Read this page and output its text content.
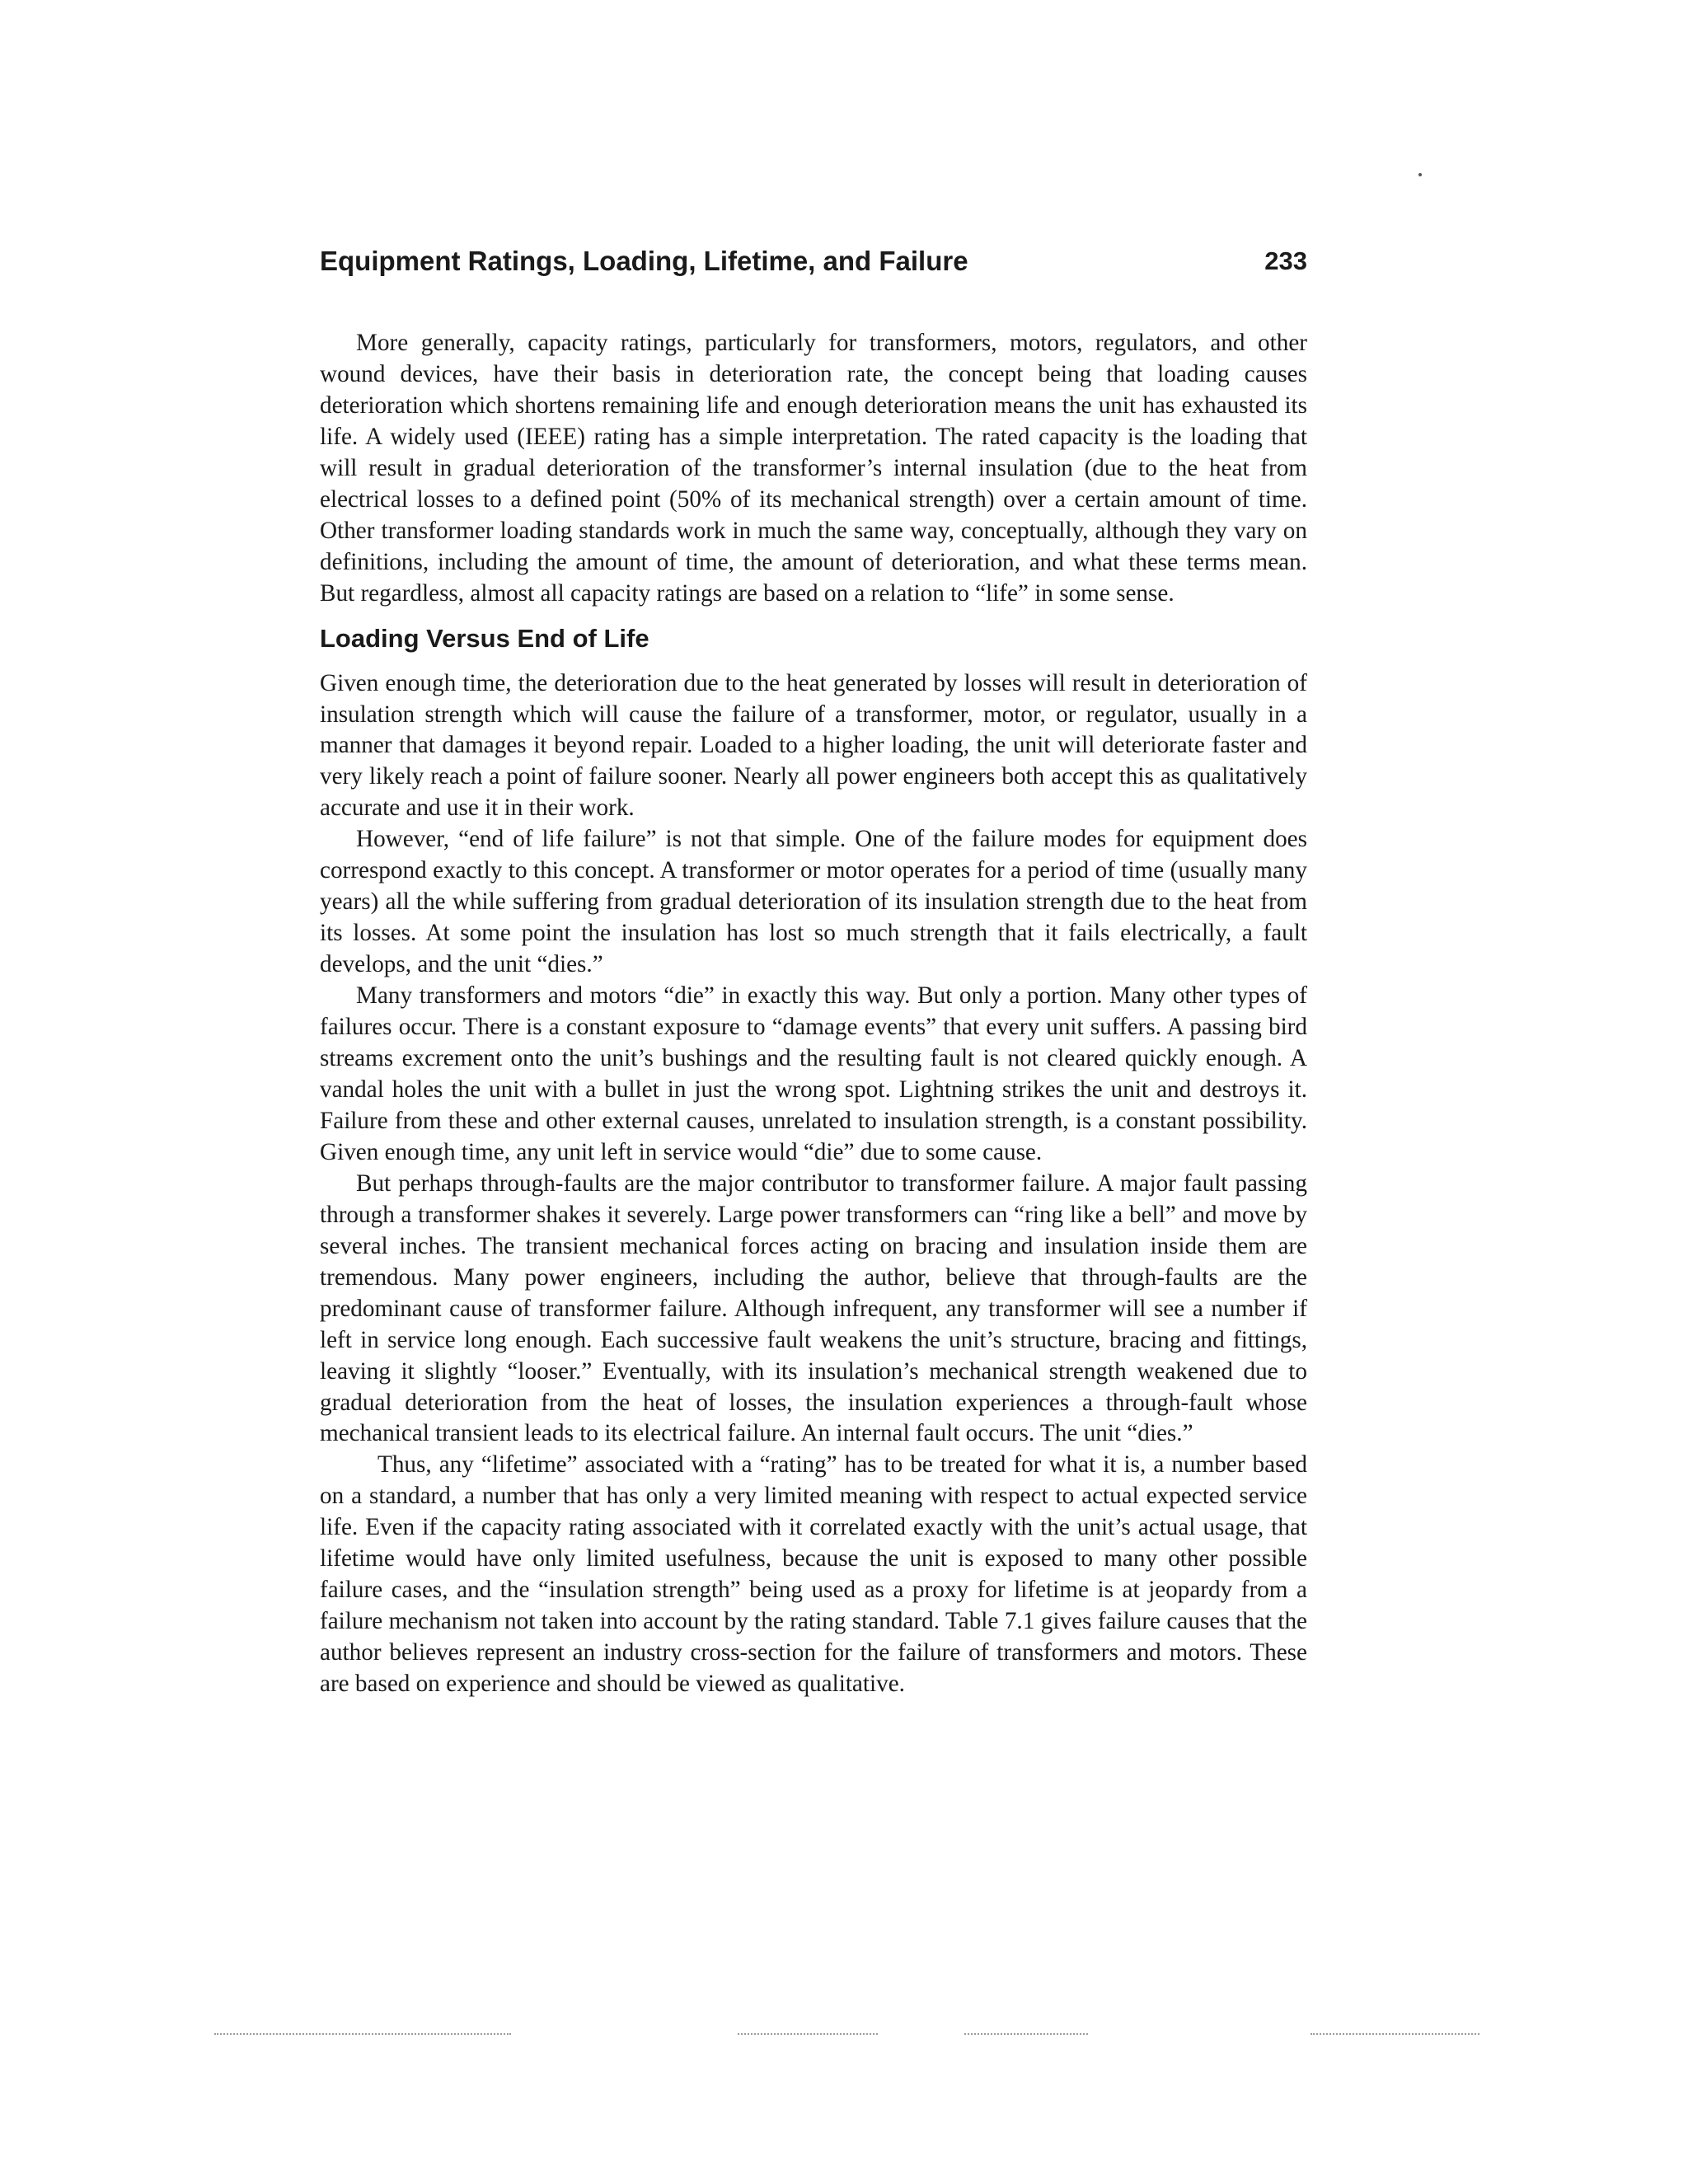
Equipment Ratings, Loading, Lifetime, and Failure	233

More generally, capacity ratings, particularly for transformers, motors, regulators, and other wound devices, have their basis in deterioration rate, the concept being that loading causes deterioration which shortens remaining life and enough deterioration means the unit has exhausted its life. A widely used (IEEE) rating has a simple interpretation. The rated capacity is the loading that will result in gradual deterioration of the transformer’s internal insulation (due to the heat from electrical losses to a defined point (50% of its mechanical strength) over a certain amount of time. Other transformer loading standards work in much the same way, conceptually, although they vary on definitions, including the amount of time, the amount of deterioration, and what these terms mean. But regardless, almost all capacity ratings are based on a relation to “life” in some sense.

Loading Versus End of Life

Given enough time, the deterioration due to the heat generated by losses will result in deterioration of insulation strength which will cause the failure of a transformer, motor, or regulator, usually in a manner that damages it beyond repair. Loaded to a higher loading, the unit will deteriorate faster and very likely reach a point of failure sooner. Nearly all power engineers both accept this as qualitatively accurate and use it in their work.

However, “end of life failure” is not that simple. One of the failure modes for equipment does correspond exactly to this concept. A transformer or motor operates for a period of time (usually many years) all the while suffering from gradual deterioration of its insulation strength due to the heat from its losses. At some point the insulation has lost so much strength that it fails electrically, a fault develops, and the unit “dies.”

Many transformers and motors “die” in exactly this way. But only a portion. Many other types of failures occur. There is a constant exposure to “damage events” that every unit suffers. A passing bird streams excrement onto the unit’s bushings and the resulting fault is not cleared quickly enough. A vandal holes the unit with a bullet in just the wrong spot. Lightning strikes the unit and destroys it. Failure from these and other external causes, unrelated to insulation strength, is a constant possibility. Given enough time, any unit left in service would “die” due to some cause.

But perhaps through-faults are the major contributor to transformer failure. A major fault passing through a transformer shakes it severely. Large power transformers can “ring like a bell” and move by several inches. The transient mechanical forces acting on bracing and insulation inside them are tremendous. Many power engineers, including the author, believe that through-faults are the predominant cause of transformer failure. Although infrequent, any transformer will see a number if left in service long enough. Each successive fault weakens the unit’s structure, bracing and fittings, leaving it slightly “looser.” Eventually, with its insulation’s mechanical strength weakened due to gradual deterioration from the heat of losses, the insulation experiences a through-fault whose mechanical transient leads to its electrical failure. An internal fault occurs. The unit “dies.”

Thus, any “lifetime” associated with a “rating” has to be treated for what it is, a number based on a standard, a number that has only a very limited meaning with respect to actual expected service life. Even if the capacity rating associated with it correlated exactly with the unit’s actual usage, that lifetime would have only limited usefulness, because the unit is exposed to many other possible failure cases, and the “insulation strength” being used as a proxy for lifetime is at jeopardy from a failure mechanism not taken into account by the rating standard. Table 7.1 gives failure causes that the author believes represent an industry cross-section for the failure of transformers and motors. These are based on experience and should be viewed as qualitative.
